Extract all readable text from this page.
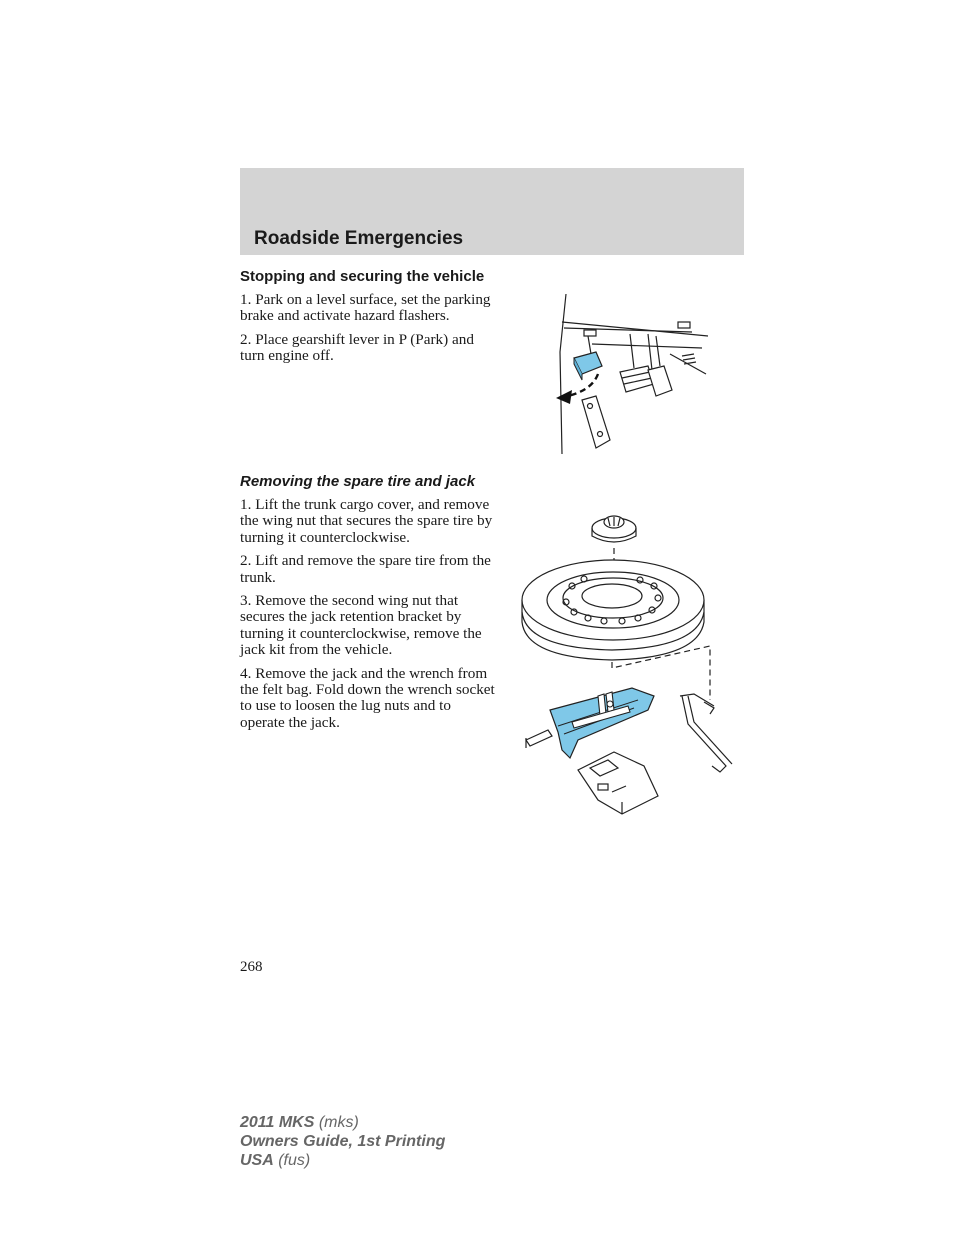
Roadside Emergencies
Stopping and securing the vehicle

1. Park on a level surface, set the parking brake and activate hazard flashers.

2. Place gearshift lever in P (Park) and turn engine off.

Removing the spare tire and jack

1. Lift the trunk cargo cover, and remove the wing nut that secures the spare tire by turning it counterclockwise.

2. Lift and remove the spare tire from the trunk.

3. Remove the second wing nut that secures the jack retention bracket by turning it counterclockwise, remove the jack kit from the vehicle.

4. Remove the jack and the wrench from the felt bag. Fold down the wrench socket to use to loosen the lug nuts and to operate the jack.

268
2011 MKS (mks)
Owners Guide, 1st Printing
USA (fus)
